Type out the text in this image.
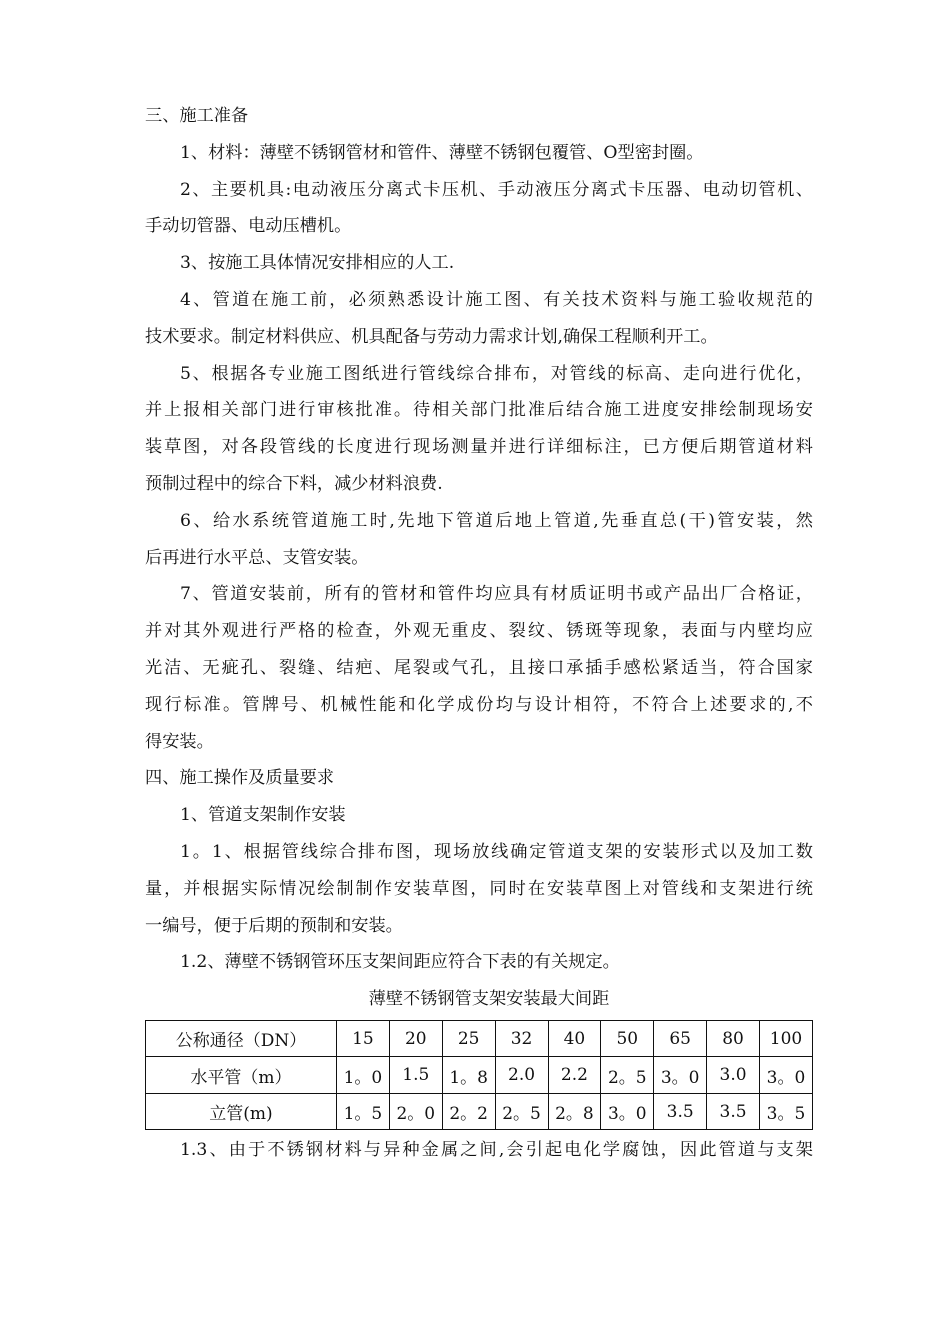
三、施工准备
1、材料：薄壁不锈钢管材和管件、薄壁不锈钢包覆管、O型密封圈。
2、主要机具:电动液压分离式卡压机、手动液压分离式卡压器、电动切管机、
手动切管器、电动压槽机。
3、按施工具体情况安排相应的人工.
4、管道在施工前，必须熟悉设计施工图、有关技术资料与施工验收规范的
技术要求。制定材料供应、机具配备与劳动力需求计划,确保工程顺利开工。
5、根据各专业施工图纸进行管线综合排布，对管线的标高、走向进行优化，
并上报相关部门进行审核批准。待相关部门批准后结合施工进度安排绘制现场安
装草图，对各段管线的长度进行现场测量并进行详细标注，已方便后期管道材料
预制过程中的综合下料，减少材料浪费.
6、给水系统管道施工时,先地下管道后地上管道,先垂直总(干)管安装，然
后再进行水平总、支管安装。
7、管道安装前，所有的管材和管件均应具有材质证明书或产品出厂合格证，
并对其外观进行严格的检查，外观无重皮、裂纹、锈斑等现象，表面与内壁均应
光洁、无疵孔、裂缝、结疤、尾裂或气孔，且接口承插手感松紧适当，符合国家
现行标准。管牌号、机械性能和化学成份均与设计相符，不符合上述要求的,不
得安装。
四、施工操作及质量要求
1、管道支架制作安装
1。1、根据管线综合排布图，现场放线确定管道支架的安装形式以及加工数
量，并根据实际情况绘制制作安装草图，同时在安装草图上对管线和支架进行统
一编号，便于后期的预制和安装。
1.2、薄壁不锈钢管环压支架间距应符合下表的有关规定。
薄壁不锈钢管支架安装最大间距
公称通径（DN）	15	20	25	32	40	50	65	80	100
水平管（m）	1。0	1.5	1。8	2.0	2.2	2。5	3。0	3.0	3。0
立管(m)	1。5	2。0	2。2	2。5	2。8	3。0	3.5	3.5	3。5
1.3、由于不锈钢材料与异种金属之间,会引起电化学腐蚀，因此管道与支架
